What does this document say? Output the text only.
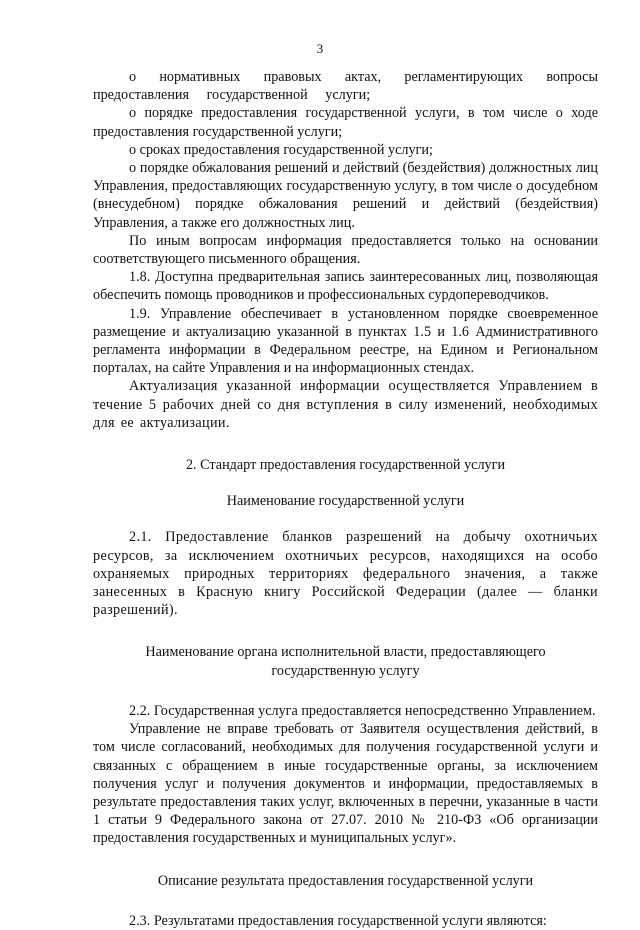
3

о нормативных правовых актах, регламентирующих вопросы предоставления государственной услуги;

о порядке предоставления государственной услуги, в том числе о ходе предоставления государственной услуги;

о сроках предоставления государственной услуги;

о порядке обжалования решений и действий (бездействия) должностных лиц Управления, предоставляющих государственную услугу, в том числе о досудебном (внесудебном) порядке обжалования решений и действий (бездействия) Управления, а также его должностных лиц.

По иным вопросам информация предоставляется только на основании соответствующего письменного обращения.

1.8. Доступна предварительная запись заинтересованных лиц, позволяющая обеспечить помощь проводников и профессиональных сурдопереводчиков.

1.9. Управление обеспечивает в установленном порядке своевременное размещение и актуализацию указанной в пунктах 1.5 и 1.6 Административного регламента информации в Федеральном реестре, на Едином и Региональном порталах, на сайте Управления и на информационных стендах.

Актуализация указанной информации осуществляется Управлением в течение 5 рабочих дней со дня вступления в силу изменений, необходимых для ее актуализации.

2. Стандарт предоставления государственной услуги

Наименование государственной услуги

2.1. Предоставление бланков разрешений на добычу охотничьих ресурсов, за исключением охотничьих ресурсов, находящихся на особо охраняемых природных территориях федерального значения, а также занесенных в Красную книгу Российской Федерации (далее — бланки разрешений).

Наименование органа исполнительной власти, предоставляющего государственную услугу

2.2. Государственная услуга предоставляется непосредственно Управлением.

Управление не вправе требовать от Заявителя осуществления действий, в том числе согласований, необходимых для получения государственной услуги и связанных с обращением в иные государственные органы, за исключением получения услуг и получения документов и информации, предоставляемых в результате предоставления таких услуг, включенных в перечни, указанные в части 1 статьи 9 Федерального закона от 27.07. 2010 № 210-ФЗ «Об организации предоставления государственных и муниципальных услуг».

Описание результата предоставления государственной услуги

2.3. Результатами предоставления государственной услуги являются:
